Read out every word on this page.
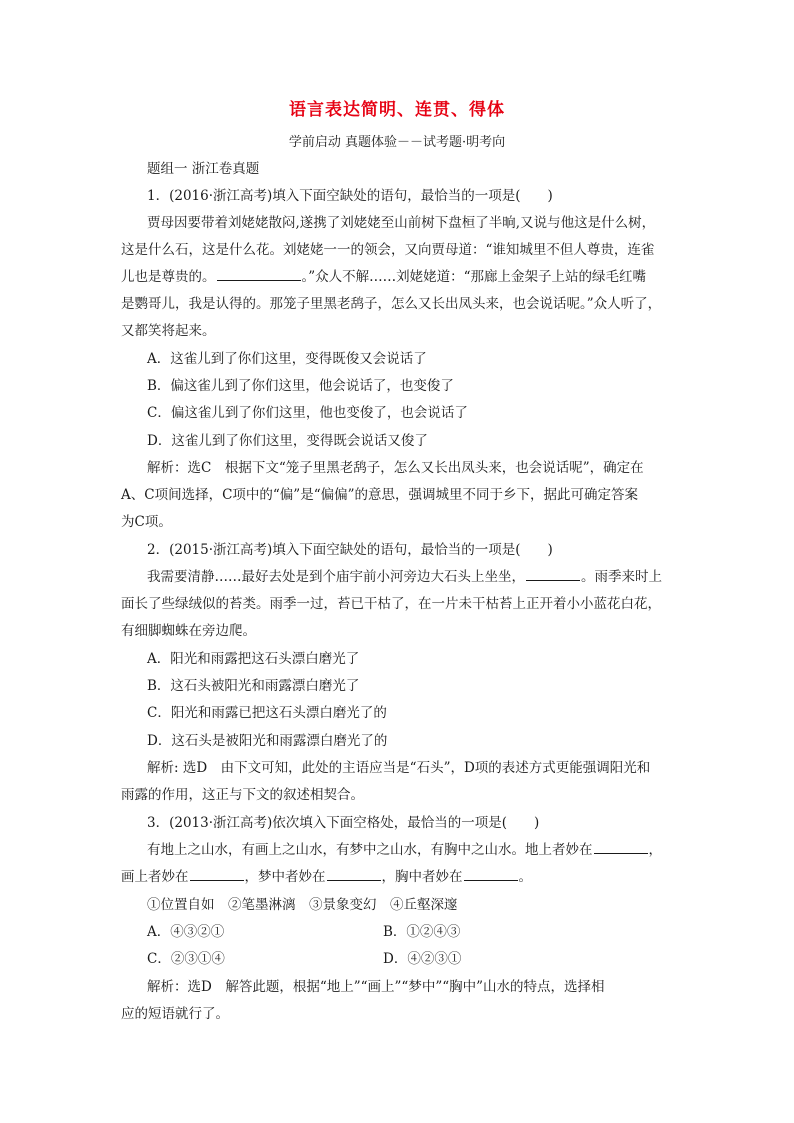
语言表达简明、连贯、得体
学前启动 真题体验－－试考题·明考向
题组一 浙江卷真题
1．(2016·浙江高考)填入下面空缺处的语句，最恰当的一项是(　　)
贾母因要带着刘姥姥散闷,遂携了刘姥姥至山前树下盘桓了半晌,又说与他这是什么树，
这是什么石，这是什么花。刘姥姥一一的领会，又向贾母道：“谁知城里不但人尊贵，连雀
儿也是尊贵的。	。”众人不解……刘姥姥道：“那廊上金架子上站的绿毛红嘴
是鹦哥儿，我是认得的。那笼子里黑老鸹子，怎么又长出凤头来，也会说话呢。”众人听了，
又都笑将起来。
A．这雀儿到了你们这里，变得既俊又会说话了
B．偏这雀儿到了你们这里，他会说话了，也变俊了
C．偏这雀儿到了你们这里，他也变俊了，也会说话了
D．这雀儿到了你们这里，变得既会说话又俊了
解析：选C　根据下文“笼子里黑老鸹子，怎么又长出凤头来，也会说话呢”，确定在
A、C项间选择，C项中的“偏”是“偏偏”的意思，强调城里不同于乡下，据此可确定答案
为C项。
2．(2015·浙江高考)填入下面空缺处的语句，最恰当的一项是(　　)
我需要清静……最好去处是到个庙宇前小河旁边大石头上坐坐，	。雨季来时上
面长了些绿绒似的苔类。雨季一过，苔已干枯了，在一片未干枯苔上正开着小小蓝花白花，
有细脚蜘蛛在旁边爬。
A．阳光和雨露把这石头漂白磨光了
B．这石头被阳光和雨露漂白磨光了
C．阳光和雨露已把这石头漂白磨光了的
D．这石头是被阳光和雨露漂白磨光了的
解析: 选D　由下文可知，此处的主语应当是“石头”，D项的表述方式更能强调阳光和
雨露的作用，这正与下文的叙述相契合。
3．(2013·浙江高考)依次填入下面空格处，最恰当的一项是(　　)
有地上之山水，有画上之山水，有梦中之山水，有胸中之山水。地上者妙在	，
画上者妙在	，梦中者妙在	，胸中者妙在	。
①位置自如　②笔墨淋漓　③景象变幻　④丘壑深邃
A．④③②①	B．①②④③
C．②③①④	D．④②③①
解析：选D　解答此题，根据“地上”“画上”“梦中”“胸中”山水的特点，选择相
应的短语就行了。
